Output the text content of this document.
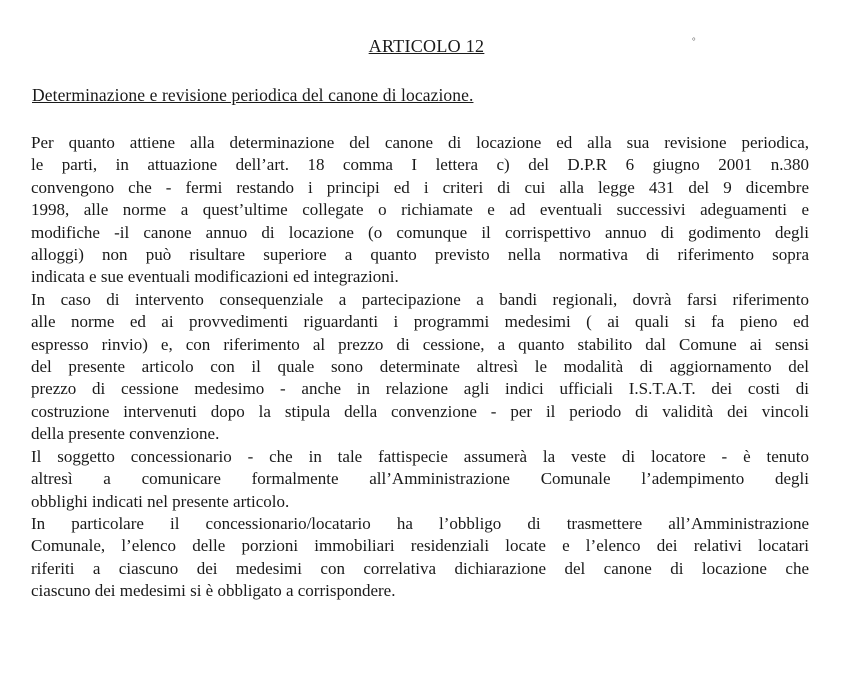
ARTICOLO 12	°
Determinazione e revisione periodica del canone di locazione.

Per quanto attiene alla determinazione del canone di locazione ed alla sua revisione periodica,
le parti, in attuazione dell’art. 18 comma I lettera c) del D.P.R 6 giugno 2001 n.380
convengono che - fermi restando i principi ed i criteri di cui alla legge 431 del 9 dicembre
1998, alle norme a quest’ultime collegate o richiamate e ad eventuali successivi adeguamenti e
modifiche -il canone annuo di locazione (o comunque il corrispettivo annuo di godimento degli
alloggi) non può risultare superiore a quanto previsto nella normativa di riferimento sopra
indicata e sue eventuali modificazioni ed integrazioni.

In caso di intervento consequenziale a partecipazione a bandi regionali, dovrà farsi riferimento
alle norme ed ai provvedimenti riguardanti i programmi medesimi ( ai quali si fa pieno ed
espresso rinvio) e, con riferimento al prezzo di cessione, a quanto stabilito dal Comune ai sensi
del presente articolo con il quale sono determinate altresì le modalità di aggiornamento del
prezzo di cessione medesimo - anche in relazione agli indici ufficiali I.S.T.A.T. dei costi di
costruzione intervenuti dopo la stipula della convenzione - per il periodo di validità dei vincoli
della presente convenzione.

Il soggetto concessionario - che in tale fattispecie assumerà la veste di locatore - è tenuto
altresì a comunicare formalmente all’Amministrazione Comunale l’adempimento degli
obblighi indicati nel presente articolo.

In particolare il concessionario/locatario ha l’obbligo di trasmettere all’Amministrazione
Comunale, l’elenco delle porzioni immobiliari residenziali locate e l’elenco dei relativi locatari
riferiti a ciascuno dei medesimi con correlativa dichiarazione del canone di locazione che
ciascuno dei medesimi si è obbligato a corrispondere.
